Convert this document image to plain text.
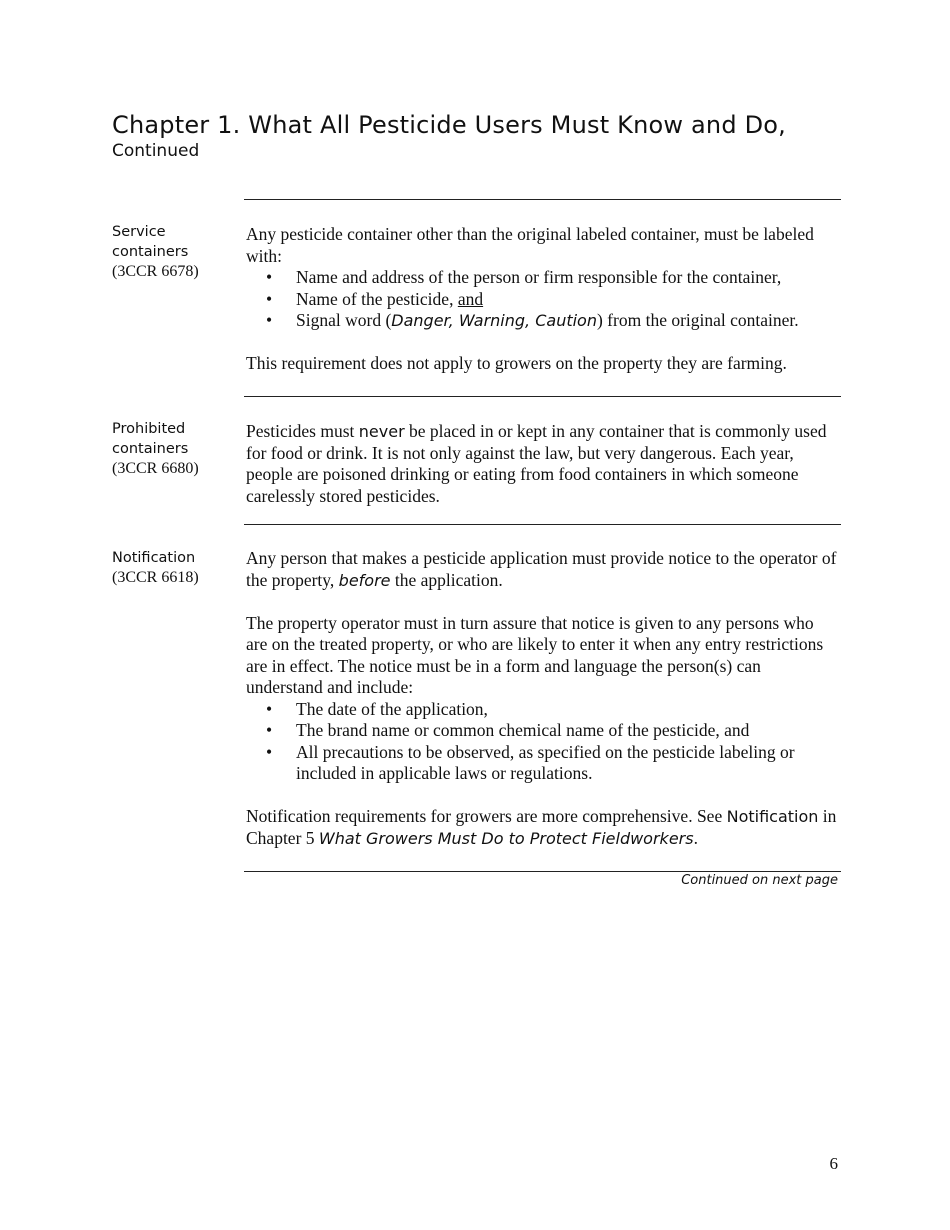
Chapter 1. What All Pesticide Users Must Know and Do,
Continued
Service
containers
(3CCR 6678)

Any pesticide container other than the original labeled container, must be labeled with:

• Name and address of the person or firm responsible for the container,
• Name of the pesticide, and
• Signal word (Danger, Warning, Caution) from the original container.

This requirement does not apply to growers on the property they are farming.

Prohibited
containers
(3CCR 6680)

Pesticides must never be placed in or kept in any container that is commonly used for food or drink. It is not only against the law, but very dangerous. Each year, people are poisoned drinking or eating from food containers in which someone carelessly stored pesticides.

Notification
(3CCR 6618)

Any person that makes a pesticide application must provide notice to the operator of the property, before the application.

The property operator must in turn assure that notice is given to any persons who are on the treated property, or who are likely to enter it when any entry restrictions are in effect. The notice must be in a form and language the person(s) can understand and include:

• The date of the application,
• The brand name or common chemical name of the pesticide, and
• All precautions to be observed, as specified on the pesticide labeling or included in applicable laws or regulations.

Notification requirements for growers are more comprehensive. See Notification in Chapter 5 What Growers Must Do to Protect Fieldworkers.

Continued on next page
6
